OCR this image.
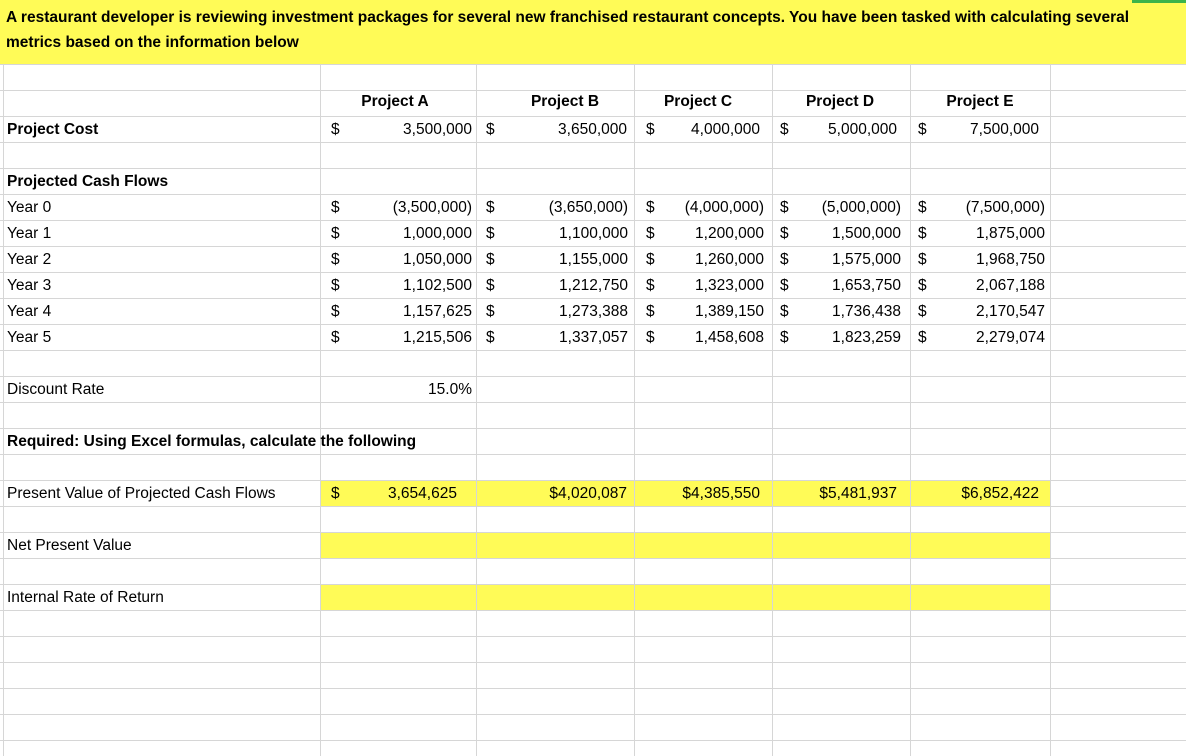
A restaurant developer is reviewing investment packages for several new franchised restaurant concepts. You have been tasked with calculating several metrics based on the information below
Project A	Project B	Project C	Project D	Project E
Project Cost	$	3,500,000 $	3,650,000 $	4,000,000 $	5,000,000 $	7,500,000
Projected Cash Flows
Year 0	$	(3,500,000) $	(3,650,000) $	(4,000,000) $	(5,000,000) $	(7,500,000)
Year 1	$	1,000,000 $	1,100,000 $	1,200,000 $	1,500,000 $	1,875,000
Year 2	$	1,050,000 $	1,155,000 $	1,260,000 $	1,575,000 $	1,968,750
Year 3	$	1,102,500 $	1,212,750 $	1,323,000 $	1,653,750 $	2,067,188
Year 4	$	1,157,625 $	1,273,388 $	1,389,150 $	1,736,438 $	2,170,547
Year 5	$	1,215,506 $	1,337,057 $	1,458,608 $	1,823,259 $	2,279,074
Discount Rate	15.0%
Required: Using Excel formulas, calculate the following
Present Value of Projected Cash Flows	$	3,654,625	$4,020,087	$4,385,550	$5,481,937	$6,852,422
Net Present Value
Internal Rate of Return
